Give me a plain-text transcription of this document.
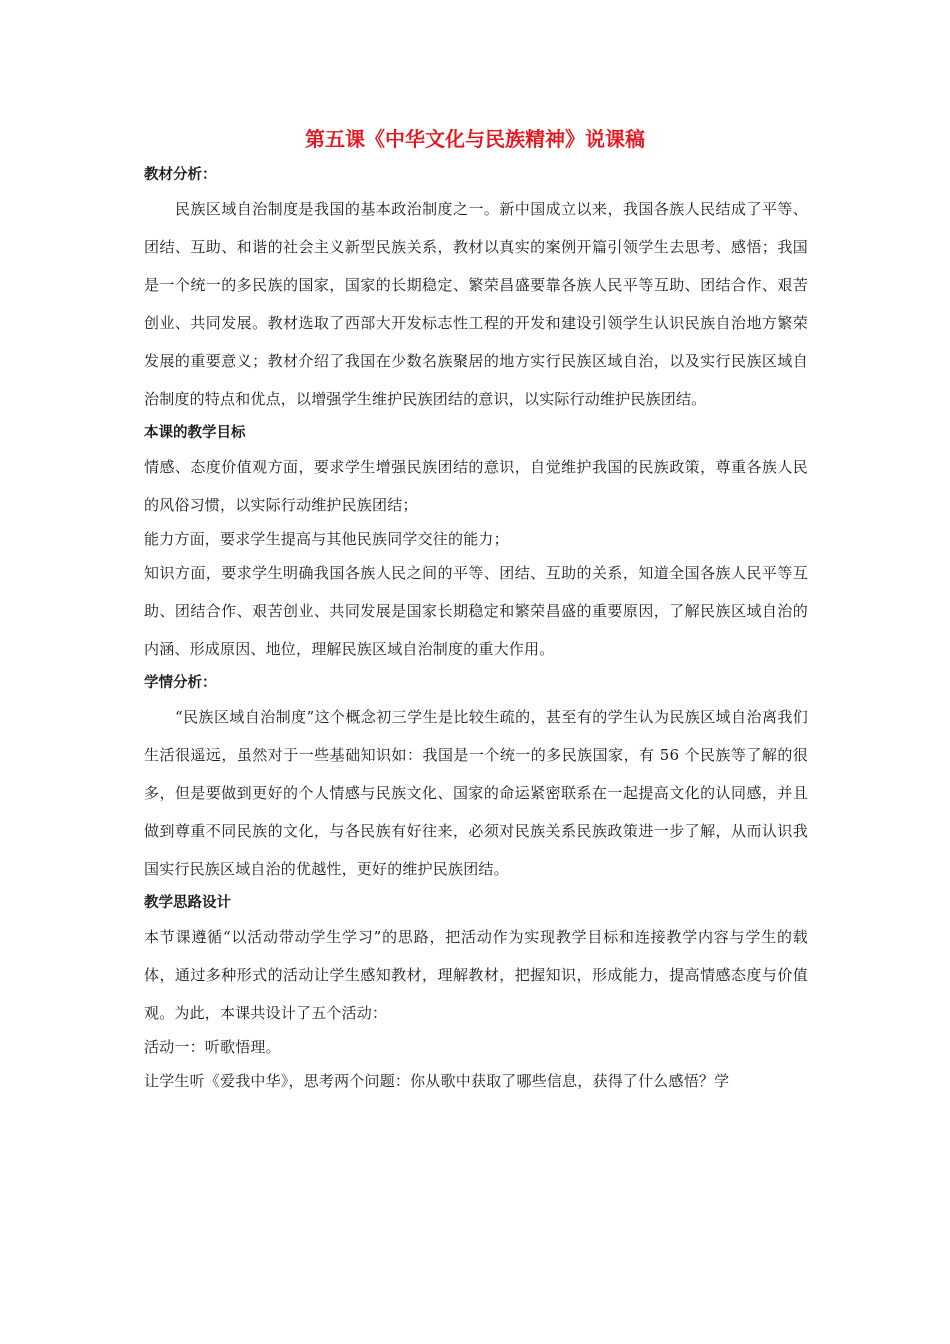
第五课《中华文化与民族精神》说课稿

教材分析：

民族区域自治制度是我国的基本政治制度之一。新中国成立以来，我国各族人民结成了平等、团结、互助、和谐的社会主义新型民族关系，教材以真实的案例开篇引领学生去思考、感悟；我国是一个统一的多民族的国家，国家的长期稳定、繁荣昌盛要靠各族人民平等互助、团结合作、艰苦创业、共同发展。教材选取了西部大开发标志性工程的开发和建设引领学生认识民族自治地方繁荣发展的重要意义；教材介绍了我国在少数名族聚居的地方实行民族区域自治，以及实行民族区域自治制度的特点和优点，以增强学生维护民族团结的意识，以实际行动维护民族团结。

本课的教学目标

情感、态度价值观方面，要求学生增强民族团结的意识，自觉维护我国的民族政策，尊重各族人民的风俗习惯，以实际行动维护民族团结；

能力方面，要求学生提高与其他民族同学交往的能力；

知识方面，要求学生明确我国各族人民之间的平等、团结、互助的关系，知道全国各族人民平等互助、团结合作、艰苦创业、共同发展是国家长期稳定和繁荣昌盛的重要原因，了解民族区域自治的内涵、形成原因、地位，理解民族区域自治制度的重大作用。

学情分析：

“民族区域自治制度”这个概念初三学生是比较生疏的，甚至有的学生认为民族区域自治离我们生活很遥远，虽然对于一些基础知识如：我国是一个统一的多民族国家，有 56 个民族等了解的很多，但是要做到更好的个人情感与民族文化、国家的命运紧密联系在一起提高文化的认同感，并且做到尊重不同民族的文化，与各民族有好往来，必须对民族关系民族政策进一步了解，从而认识我国实行民族区域自治的优越性，更好的维护民族团结。

教学思路设计

本节课遵循“以活动带动学生学习”的思路，把活动作为实现教学目标和连接教学内容与学生的载体，通过多种形式的活动让学生感知教材，理解教材，把握知识，形成能力，提高情感态度与价值观。为此，本课共设计了五个活动：

活动一：听歌悟理。

让学生听《爱我中华》，思考两个问题：你从歌中获取了哪些信息，获得了什么感悟？学
